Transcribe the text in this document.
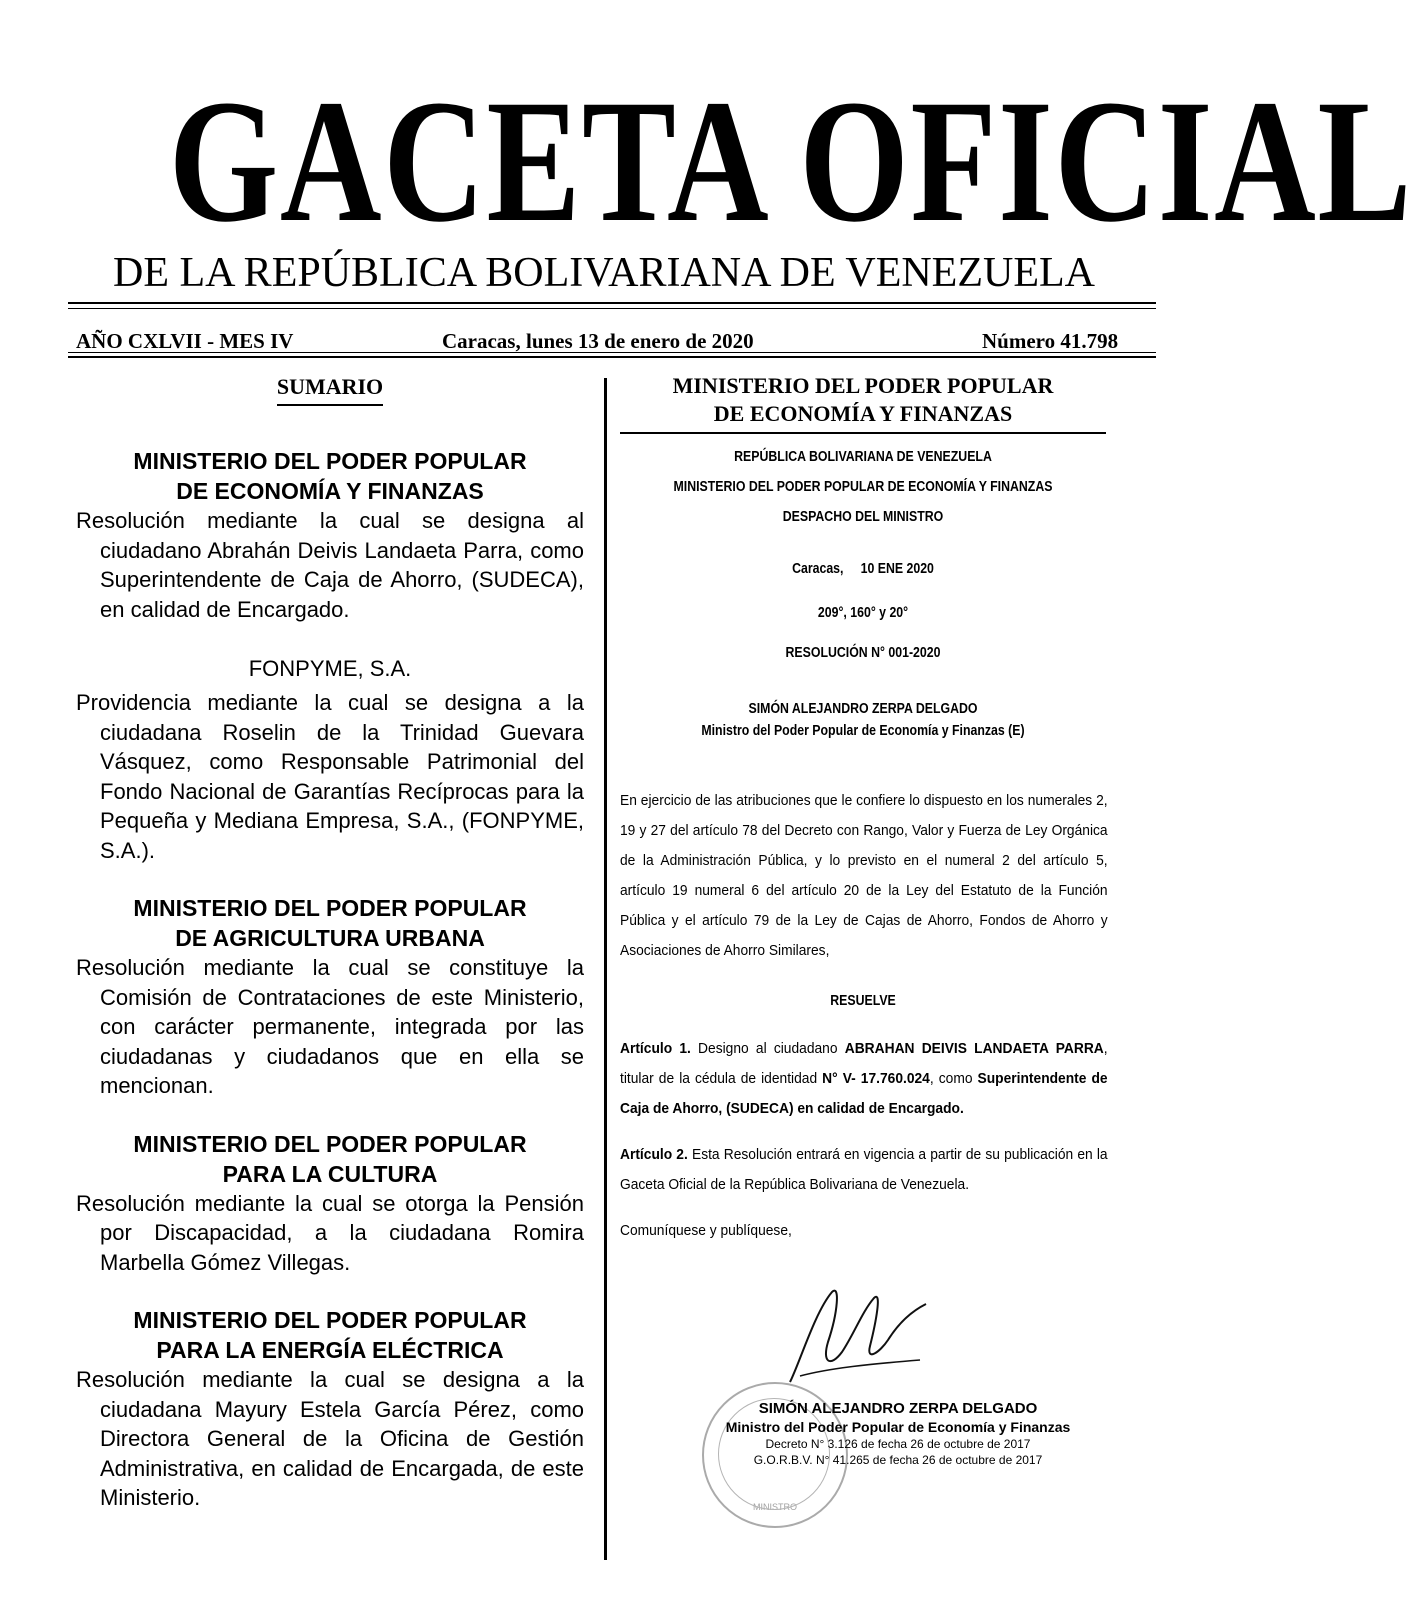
GACETA OFICIAL
DE LA REPÚBLICA BOLIVARIANA DE VENEZUELA
AÑO CXLVII - MES IV	Caracas, lunes 13 de enero de 2020	Número 41.798

SUMARIO

MINISTERIO DEL PODER POPULAR

DE ECONOMÍA Y FINANZAS

Resolución mediante la cual se designa al ciudadano Abrahán Deivis Landaeta Parra, como Superintendente de Caja de Ahorro, (SUDECA), en calidad de Encargado.

FONPYME, S.A.

Providencia mediante la cual se designa a la ciudadana Roselin de la Trinidad Guevara Vásquez, como Responsable Patrimonial del Fondo Nacional de Garantías Recíprocas para la Pequeña y Mediana Empresa, S.A., (FONPYME, S.A.).

MINISTERIO DEL PODER POPULAR

DE AGRICULTURA URBANA

Resolución mediante la cual se constituye la Comisión de Contrataciones de este Ministerio, con carácter permanente, integrada por las ciudadanas y ciudadanos que en ella se mencionan.

MINISTERIO DEL PODER POPULAR

PARA LA CULTURA

Resolución mediante la cual se otorga la Pensión por Discapacidad, a la ciudadana Romira Marbella Gómez Villegas.

MINISTERIO DEL PODER POPULAR

PARA LA ENERGÍA ELÉCTRICA

Resolución mediante la cual se designa a la ciudadana Mayury Estela García Pérez, como Directora General de la Oficina de Gestión Administrativa, en calidad de Encargada, de este Ministerio.

MINISTERIO DEL PODER POPULAR

DE ECONOMÍA Y FINANZAS

REPÚBLICA BOLIVARIANA DE VENEZUELA

MINISTERIO DEL PODER POPULAR DE ECONOMÍA Y FINANZAS

DESPACHO DEL MINISTRO

Caracas, 10 ENE 2020

209°, 160° y 20°

RESOLUCIÓN N° 001-2020

SIMÓN ALEJANDRO ZERPA DELGADO

Ministro del Poder Popular de Economía y Finanzas (E)

En ejercicio de las atribuciones que le confiere lo dispuesto en los numerales 2, 19 y 27 del artículo 78 del Decreto con Rango, Valor y Fuerza de Ley Orgánica de la Administración Pública, y lo previsto en el numeral 2 del artículo 5, artículo 19 numeral 6 del artículo 20 de la Ley del Estatuto de la Función Pública y el artículo 79 de la Ley de Cajas de Ahorro, Fondos de Ahorro y Asociaciones de Ahorro Similares,

RESUELVE

Artículo 1. Designo al ciudadano ABRAHAN DEIVIS LANDAETA PARRA, titular de la cédula de identidad N° V- 17.760.024, como Superintendente de Caja de Ahorro, (SUDECA) en calidad de Encargado.

Artículo 2. Esta Resolución entrará en vigencia a partir de su publicación en la Gaceta Oficial de la República Bolivariana de Venezuela.

Comuníquese y publíquese,

MINISTRO

SIMÓN ALEJANDRO ZERPA DELGADO

Ministro del Poder Popular de Economía y Finanzas

Decreto N° 3.126 de fecha 26 de octubre de 2017

G.O.R.B.V. N° 41.265 de fecha 26 de octubre de 2017
